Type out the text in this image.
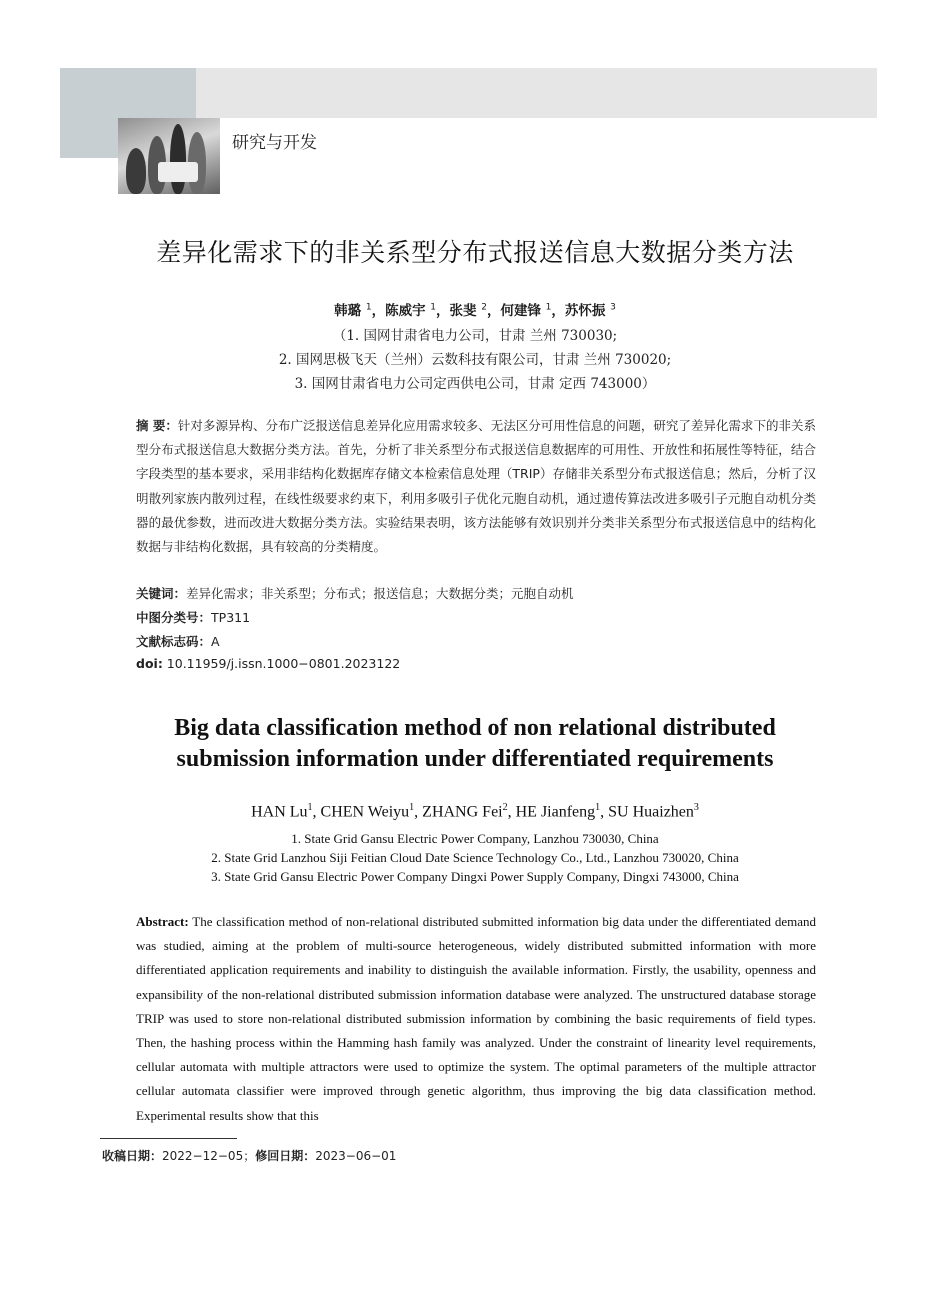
研究与开发
差异化需求下的非关系型分布式报送信息大数据分类方法
韩璐 $^1$，陈威宇 $^1$，张斐 $^2$，何建锋 $^1$，苏怀振 $^3$
（1. 国网甘肃省电力公司，甘肃 兰州 730030;
2. 国网思极飞天（兰州）云数科技有限公司，甘肃 兰州 730020;
3. 国网甘肃省电力公司定西供电公司，甘肃 定西 743000）
摘 要：针对多源异构、分布广泛报送信息差异化应用需求较多、无法区分可用性信息的问题，研究了差异化需求下的非关系型分布式报送信息大数据分类方法。首先，分析了非关系型分布式报送信息数据库的可用性、开放性和拓展性等特征，结合字段类型的基本要求，采用非结构化数据库存储文本检索信息处理（TRIP）存储非关系型分布式报送信息；然后，分析了汉明散列家族内散列过程，在线性级要求约束下，利用多吸引子优化元胞自动机，通过遗传算法改进多吸引子元胞自动机分类器的最优参数，进而改进大数据分类方法。实验结果表明，该方法能够有效识别并分类非关系型分布式报送信息中的结构化数据与非结构化数据，具有较高的分类精度。
关键词：差异化需求；非关系型；分布式；报送信息；大数据分类；元胞自动机
中图分类号：TP311
文献标志码：A
doi: 10.11959/j.issn.1000−0801.2023122
Big data classification method of non relational distributed
submission information under differentiated requirements
HAN Lu$^1$, CHEN Weiyu$^1$, ZHANG Fei$^2$, HE Jianfeng$^1$, SU Huaizhen$^3$
1. State Grid Gansu Electric Power Company, Lanzhou 730030, China
2. State Grid Lanzhou Siji Feitian Cloud Date Science Technology Co., Ltd., Lanzhou 730020, China
3. State Grid Gansu Electric Power Company Dingxi Power Supply Company, Dingxi 743000, China
Abstract: The classification method of non-relational distributed submitted information big data under the differentiated demand was studied, aiming at the problem of multi-source heterogeneous, widely distributed submitted information with more differentiated application requirements and inability to distinguish the available information. Firstly, the usability, openness and expansibility of the non-relational distributed submission information database were analyzed. The unstructured database storage TRIP was used to store non-relational distributed submission information by combining the basic requirements of field types. Then, the hashing process within the Hamming hash family was analyzed. Under the constraint of linearity level requirements, cellular automata with multiple attractors were used to optimize the system. The optimal parameters of the multiple attractor cellular automata classifier were improved through genetic algorithm, thus improving the big data classification method. Experimental results show that this
收稿日期：2022−12−05；修回日期：2023−06−01
